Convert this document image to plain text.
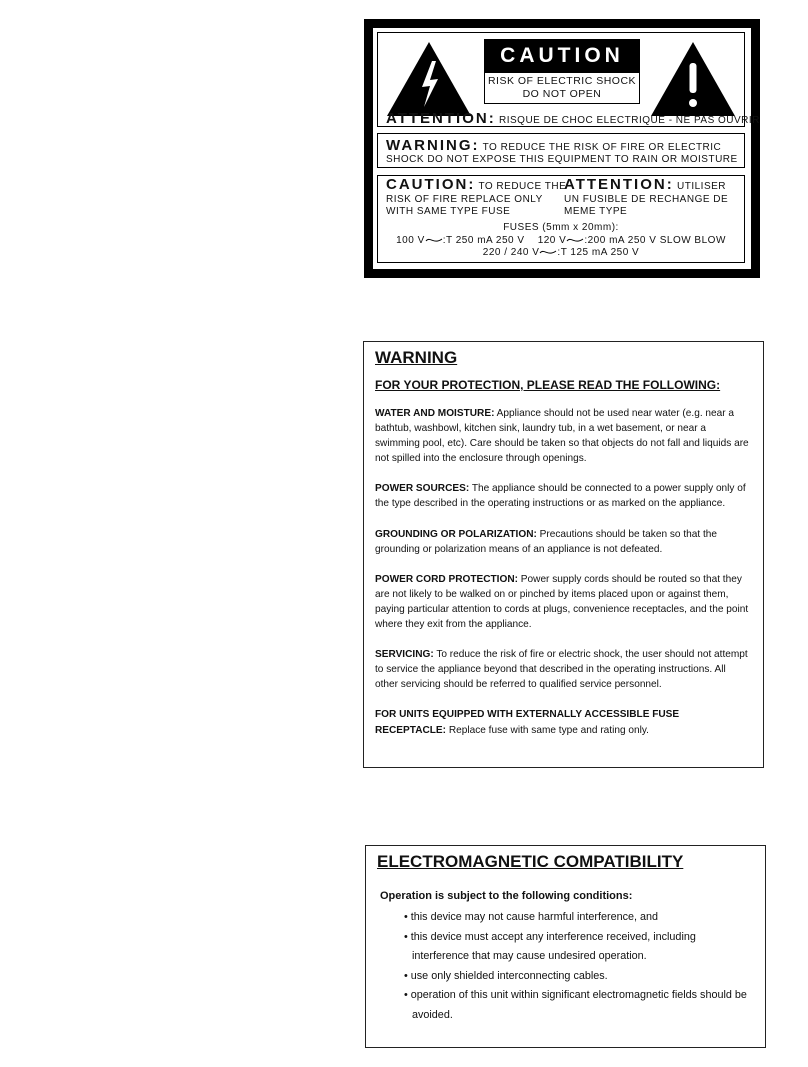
CAUTION
RISK OF ELECTRIC SHOCK
DO NOT OPEN
ATTENTION: RISQUE DE CHOC ELECTRIQUE - NE PAS OUVRIR
WARNING: TO REDUCE THE RISK OF FIRE OR ELECTRIC
SHOCK DO NOT EXPOSE THIS EQUIPMENT TO RAIN OR MOISTURE
CAUTION: TO REDUCE THE
RISK OF FIRE REPLACE ONLY
WITH SAME TYPE FUSE
ATTENTION: UTILISER
UN FUSIBLE DE RECHANGE DE
MEME TYPE
FUSES (5mm x 20mm):
100 V :T 250 mA 250 V 120 V :200 mA 250 V SLOW BLOW
220 / 240 V :T 125 mA 250 V
WARNING
FOR YOUR PROTECTION, PLEASE READ THE FOLLOWING:

WATER AND MOISTURE: Appliance should not be used near water (e.g. near a bathtub, washbowl, kitchen sink, laundry tub, in a wet basement, or near a swimming pool, etc). Care should be taken so that objects do not fall and liquids are not spilled into the enclosure through openings.

POWER SOURCES: The appliance should be connected to a power supply only of the type described in the operating instructions or as marked on the appliance.

GROUNDING OR POLARIZATION: Precautions should be taken so that the grounding or polarization means of an appliance is not defeated.

POWER CORD PROTECTION: Power supply cords should be routed so that they are not likely to be walked on or pinched by items placed upon or against them, paying particular attention to cords at plugs, convenience receptacles, and the point where they exit from the appliance.

SERVICING: To reduce the risk of fire or electric shock, the user should not attempt to service the appliance beyond that described in the operating instructions. All other servicing should be referred to qualified service personnel.

FOR UNITS EQUIPPED WITH EXTERNALLY ACCESSIBLE FUSE RECEPTACLE: Replace fuse with same type and rating only.

ELECTROMAGNETIC COMPATIBILITY
Operation is subject to the following conditions:
• this device may not cause harmful interference, and
• this device must accept any interference received, including interference that may cause undesired operation.
• use only shielded interconnecting cables.
• operation of this unit within significant electromagnetic fields should be avoided.
